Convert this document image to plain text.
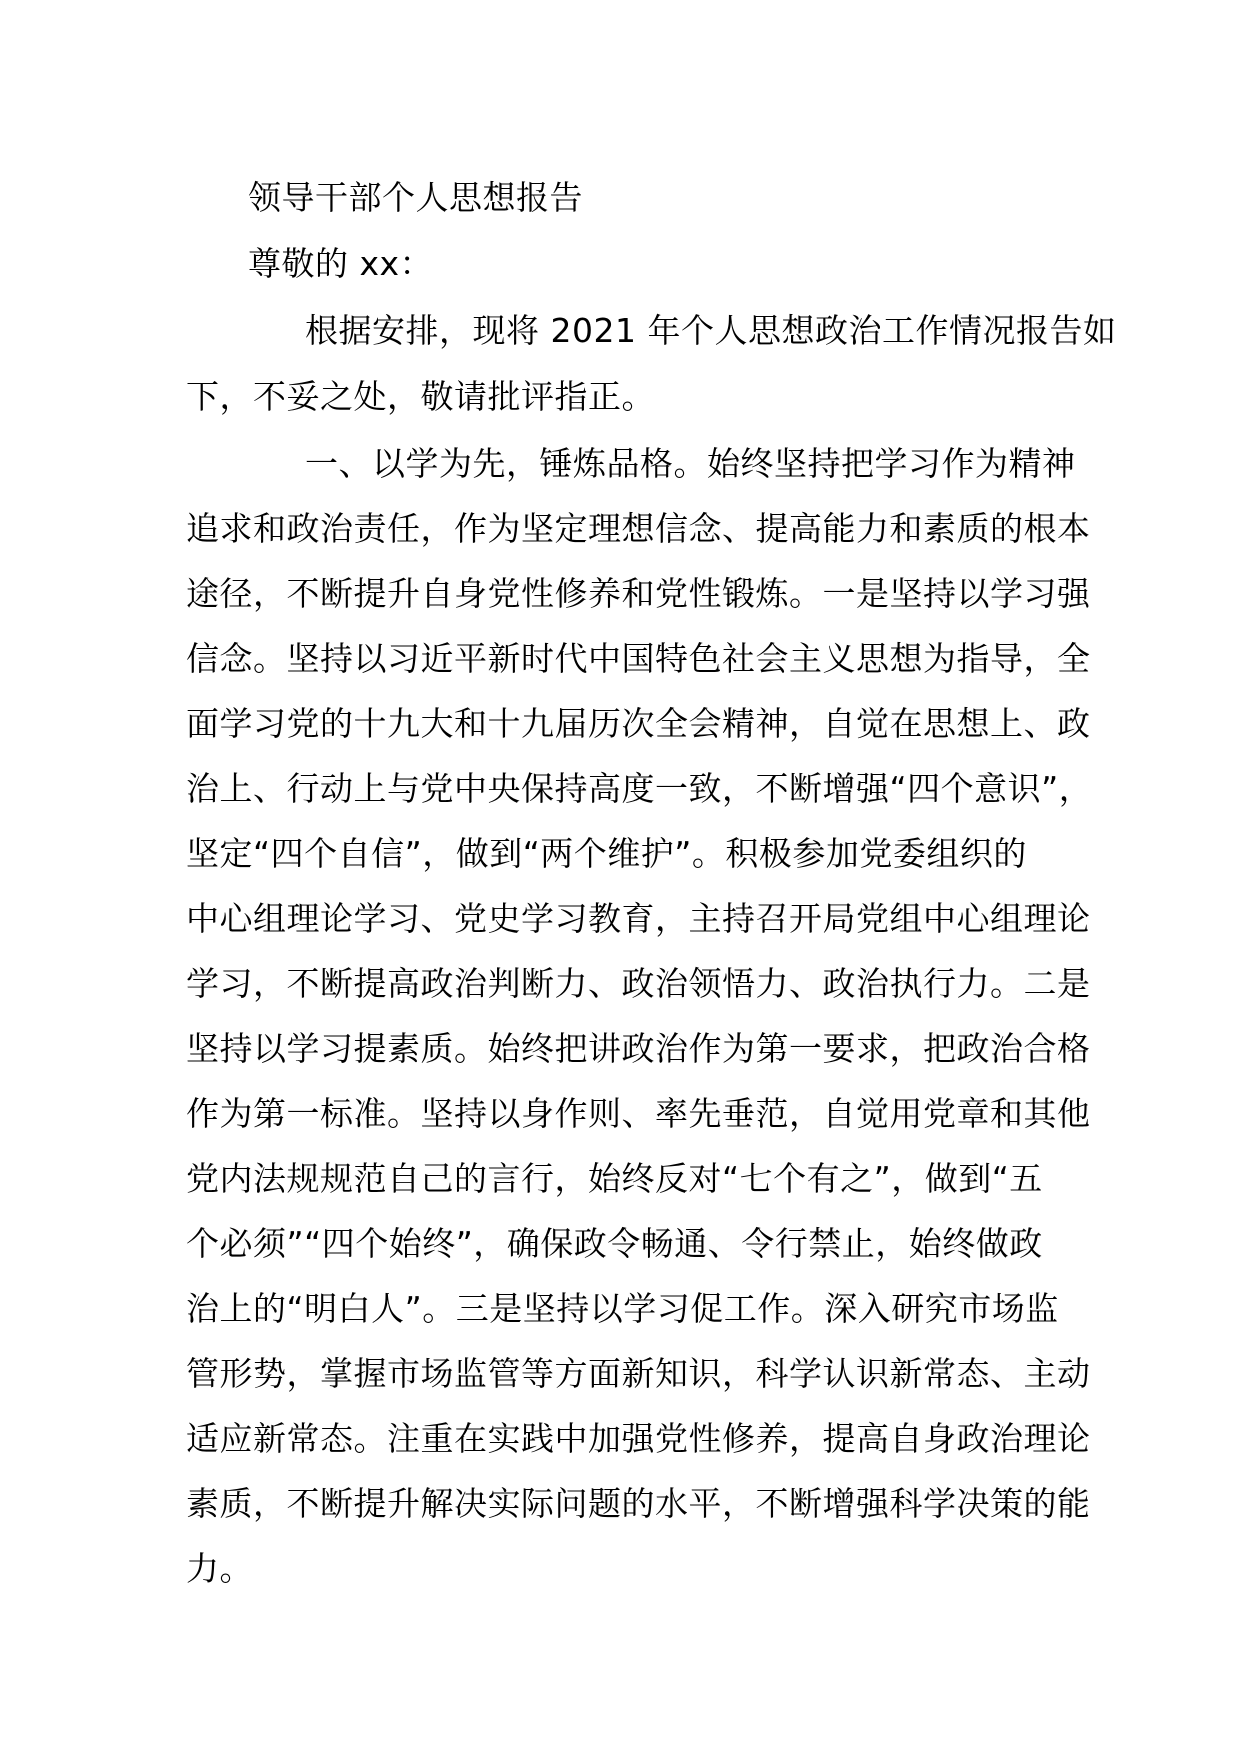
领导干部个人思想报告
尊敬的 xx：
根据安排，现将 2021 年个人思想政治工作情况报告如
下，不妥之处，敬请批评指正。
一、以学为先，锤炼品格。始终坚持把学习作为精神
追求和政治责任，作为坚定理想信念、提高能力和素质的根本
途径，不断提升自身党性修养和党性锻炼。一是坚持以学习强
信念。坚持以习近平新时代中国特色社会主义思想为指导，全
面学习党的十九大和十九届历次全会精神，自觉在思想上、政
治上、行动上与党中央保持高度一致，不断增强“四个意识”，
坚定“四个自信”，做到“两个维护”。积极参加党委组织的
中心组理论学习、党史学习教育，主持召开局党组中心组理论
学习，不断提高政治判断力、政治领悟力、政治执行力。二是
坚持以学习提素质。始终把讲政治作为第一要求，把政治合格
作为第一标准。坚持以身作则、率先垂范，自觉用党章和其他
党内法规规范自己的言行，始终反对“七个有之”，做到“五
个必须”“四个始终”，确保政令畅通、令行禁止，始终做政
治上的“明白人”。三是坚持以学习促工作。深入研究市场监
管形势，掌握市场监管等方面新知识，科学认识新常态、主动
适应新常态。注重在实践中加强党性修养，提高自身政治理论
素质，不断提升解决实际问题的水平，不断增强科学决策的能
力。
